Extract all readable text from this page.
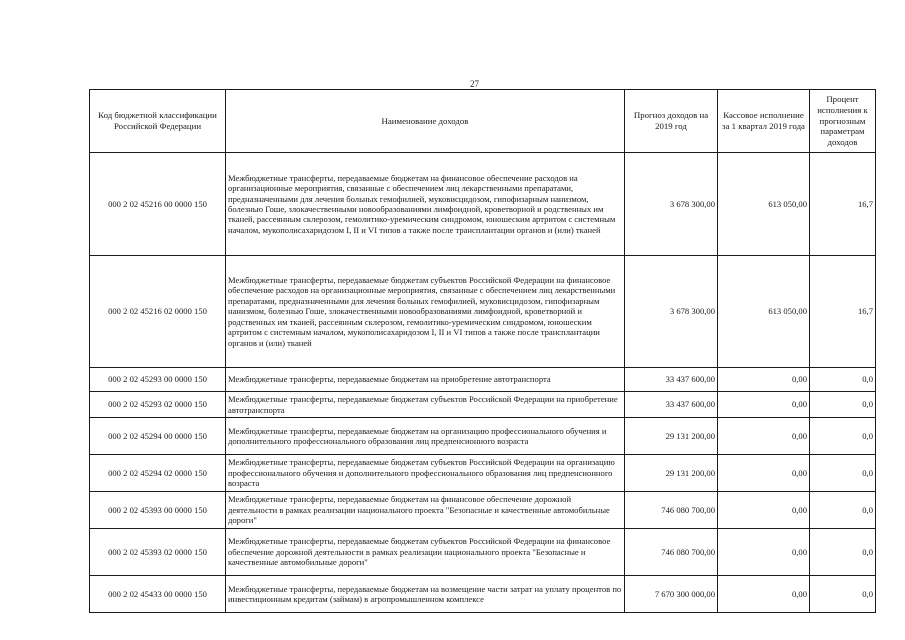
27
Код бюджетной классификации Российской Федерации	Наименование доходов	Прогноз доходов на 2019 год	Кассовое исполнение за 1 квартал 2019 года	Процент исполнения к прогнозным параметрам доходов
000 2 02 45216 00 0000 150	Межбюджетные трансферты, передаваемые бюджетам на финансовое обеспечение расходов на организационные мероприятия, связанные с обеспечением лиц лекарственными препаратами, предназначенными для лечения больных гемофилией, муковисцидозом, гипофизарным нанизмом, болезнью Гоше, злокачественными новообразованиями лимфоидной, кроветворной и родственных им тканей, рассеянным склерозом, гемолитико-уремическим синдромом, юношеским артритом с системным началом, мукополисахаридозом I, II и VI типов а также после трансплантации органов и (или) тканей	3 678 300,00	613 050,00	16,7
000 2 02 45216 02 0000 150	Межбюджетные трансферты, передаваемые бюджетам субъектов Российской Федерации на финансовое обеспечение расходов на организационные мероприятия, связанные с обеспечением лиц лекарственными препаратами, предназначенными для лечения больных гемофилией, муковисцидозом, гипофизарным нанизмом, болезнью Гоше, злокачественными новообразованиями лимфоидной, кроветворной и родственных им тканей, рассеянным склерозом, гемолитико-уремическим синдромом, юношеским артритом с системным началом, мукополисахаридозом I, II и VI типов а также после трансплантации органов и (или) тканей	3 678 300,00	613 050,00	16,7
000 2 02 45293 00 0000 150	Межбюджетные трансферты, передаваемые бюджетам на приобретение автотранспорта	33 437 600,00	0,00	0,0
000 2 02 45293 02 0000 150	Межбюджетные трансферты, передаваемые бюджетам субъектов Российской Федерации на приобретение автотранспорта	33 437 600,00	0,00	0,0
000 2 02 45294 00 0000 150	Межбюджетные трансферты, передаваемые бюджетам на организацию профессионального обучения и дополнительного профессионального образования лиц предпенсионного возраста	29 131 200,00	0,00	0,0
000 2 02 45294 02 0000 150	Межбюджетные трансферты, передаваемые бюджетам субъектов Российской Федерации на организацию профессионального обучения и дополнительного профессионального образования лиц предпенсионного возраста	29 131 200,00	0,00	0,0
000 2 02 45393 00 0000 150	Межбюджетные трансферты, передаваемые бюджетам на финансовое обеспечение дорожной деятельности в рамках реализации национального проекта "Безопасные и качественные автомобильные дороги"	746 080 700,00	0,00	0,0
000 2 02 45393 02 0000 150	Межбюджетные трансферты, передаваемые бюджетам субъектов Российской Федерации на финансовое обеспечение дорожной деятельности в рамках реализации национального проекта "Безопасные и качественные автомобильные дороги"	746 080 700,00	0,00	0,0
000 2 02 45433 00 0000 150	Межбюджетные трансферты, передаваемые бюджетам на возмещение части затрат на уплату процентов по инвестиционным кредитам (займам) в агропромышленном комплексе	7 670 300 000,00	0,00	0,0
